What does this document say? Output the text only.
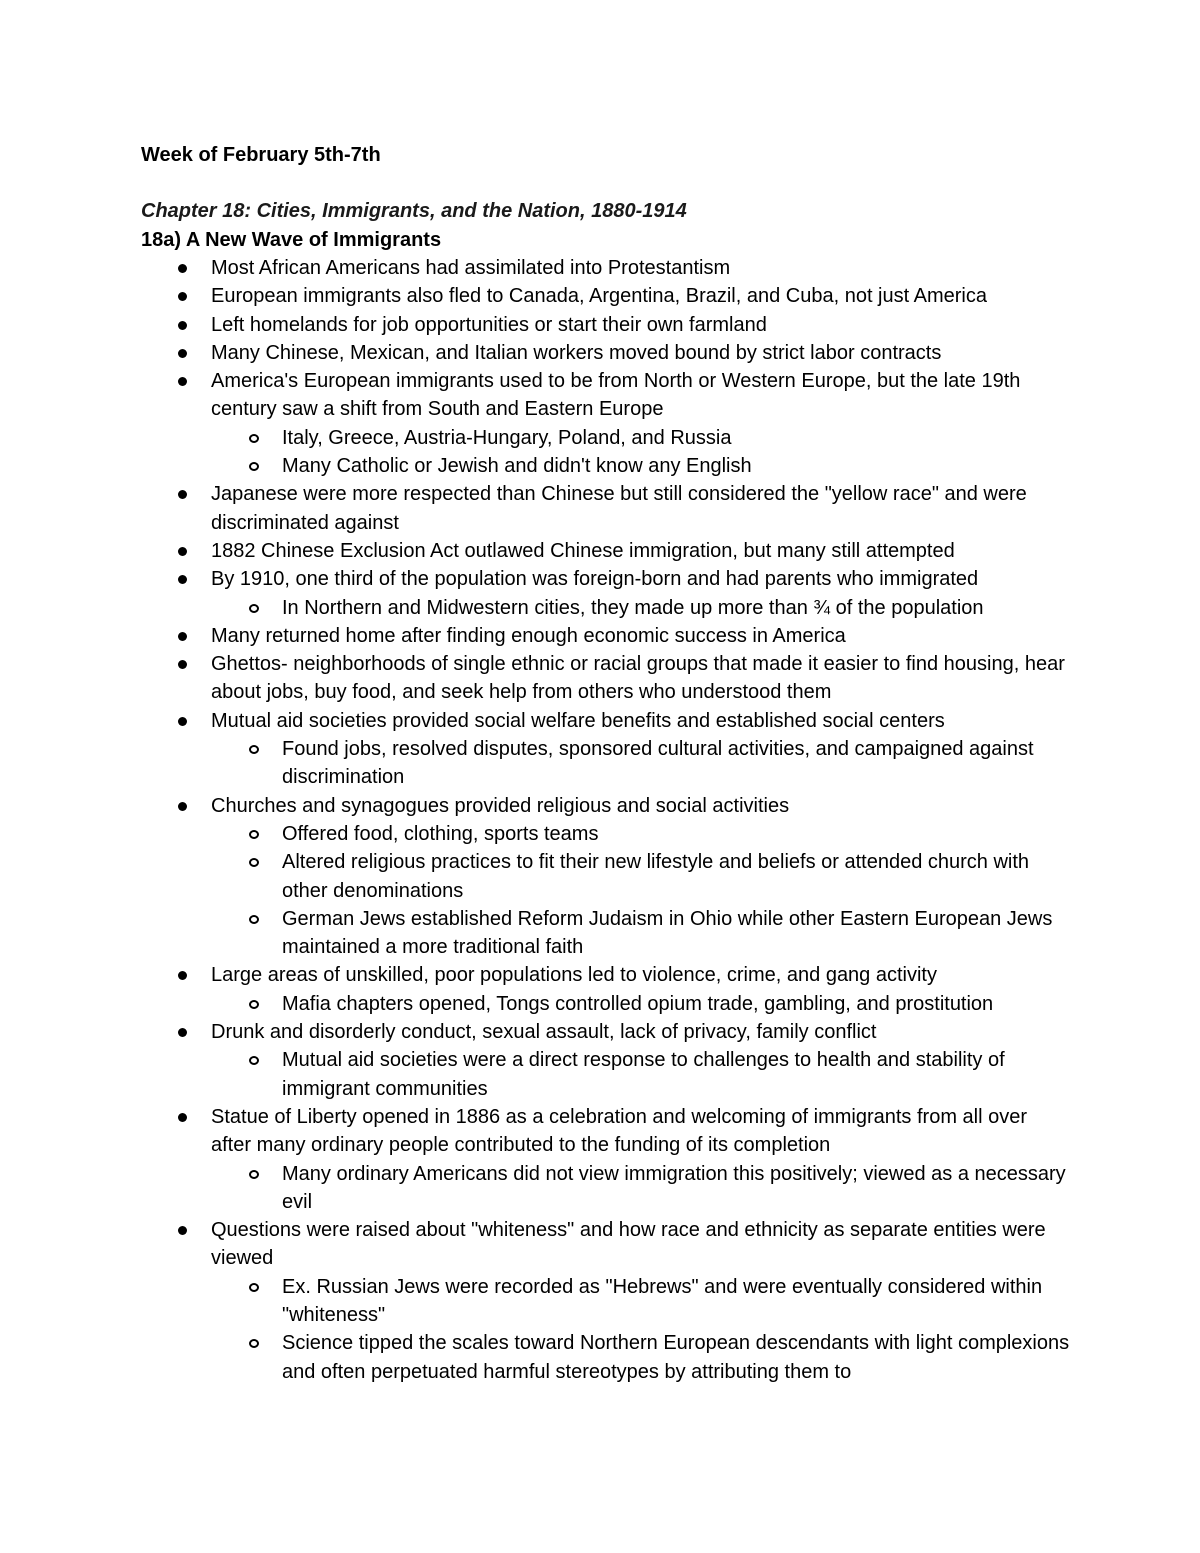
Week of February 5th-7th
Chapter 18: Cities, Immigrants, and the Nation, 1880-1914
18a) A New Wave of Immigrants
Most African Americans had assimilated into Protestantism
European immigrants also fled to Canada, Argentina, Brazil, and Cuba, not just America
Left homelands for job opportunities or start their own farmland
Many Chinese, Mexican, and Italian workers moved bound by strict labor contracts
America's European immigrants used to be from North or Western Europe, but the late 19th century saw a shift from South and Eastern Europe
Italy, Greece, Austria-Hungary, Poland, and Russia
Many Catholic or Jewish and didn't know any English
Japanese were more respected than Chinese but still considered the "yellow race" and were discriminated against
1882 Chinese Exclusion Act outlawed Chinese immigration, but many still attempted
By 1910, one third of the population was foreign-born and had parents who immigrated
In Northern and Midwestern cities, they made up more than ¾ of the population
Many returned home after finding enough economic success in America
Ghettos- neighborhoods of single ethnic or racial groups that made it easier to find housing, hear about jobs, buy food, and seek help from others who understood them
Mutual aid societies provided social welfare benefits and established social centers
Found jobs, resolved disputes, sponsored cultural activities, and campaigned against discrimination
Churches and synagogues provided religious and social activities
Offered food, clothing, sports teams
Altered religious practices to fit their new lifestyle and beliefs or attended church with other denominations
German Jews established Reform Judaism in Ohio while other Eastern European Jews maintained a more traditional faith
Large areas of unskilled, poor populations led to violence, crime, and gang activity
Mafia chapters opened, Tongs controlled opium trade, gambling, and prostitution
Drunk and disorderly conduct, sexual assault, lack of privacy, family conflict
Mutual aid societies were a direct response to challenges to health and stability of immigrant communities
Statue of Liberty opened in 1886 as a celebration and welcoming of immigrants from all over after many ordinary people contributed to the funding of its completion
Many ordinary Americans did not view immigration this positively; viewed as a necessary evil
Questions were raised about "whiteness" and how race and ethnicity as separate entities were viewed
Ex. Russian Jews were recorded as "Hebrews" and were eventually considered within "whiteness"
Science tipped the scales toward Northern European descendants with light complexions and often perpetuated harmful stereotypes by attributing them to
